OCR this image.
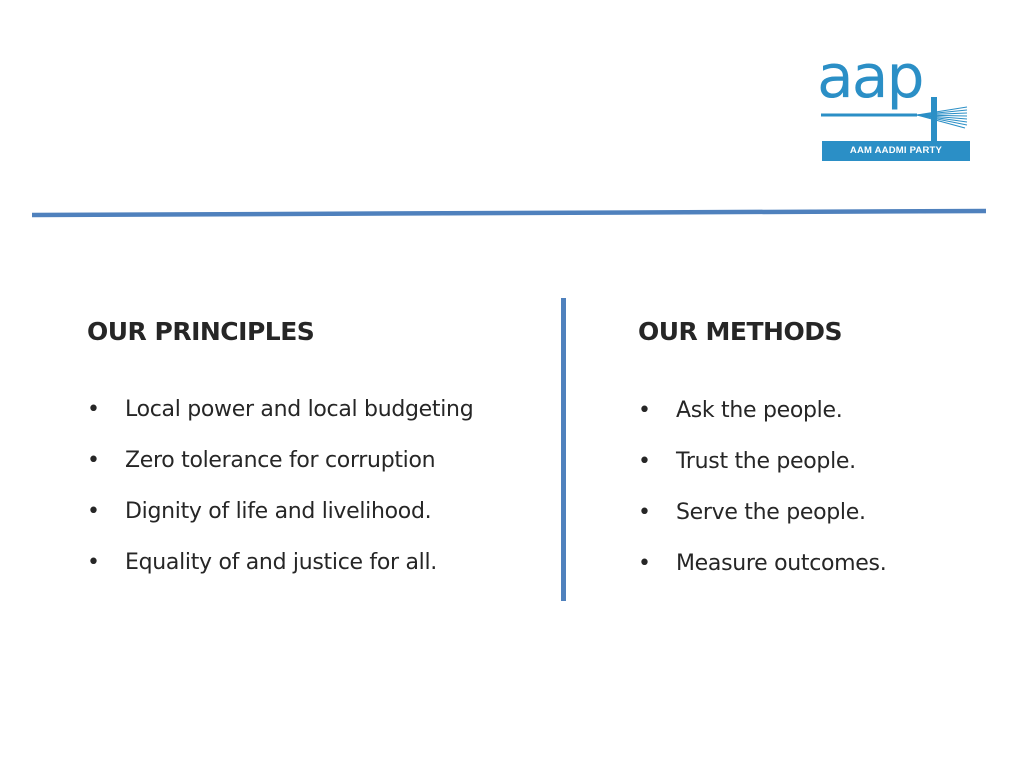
aap
AAM AADMI PARTY
OUR PRINCIPLES
• Local power and local budgeting
• Zero tolerance for corruption
• Dignity of life and livelihood.
• Equality of and justice for all.
OUR METHODS
• Ask the people.
• Trust the people.
• Serve the people.
• Measure outcomes.
